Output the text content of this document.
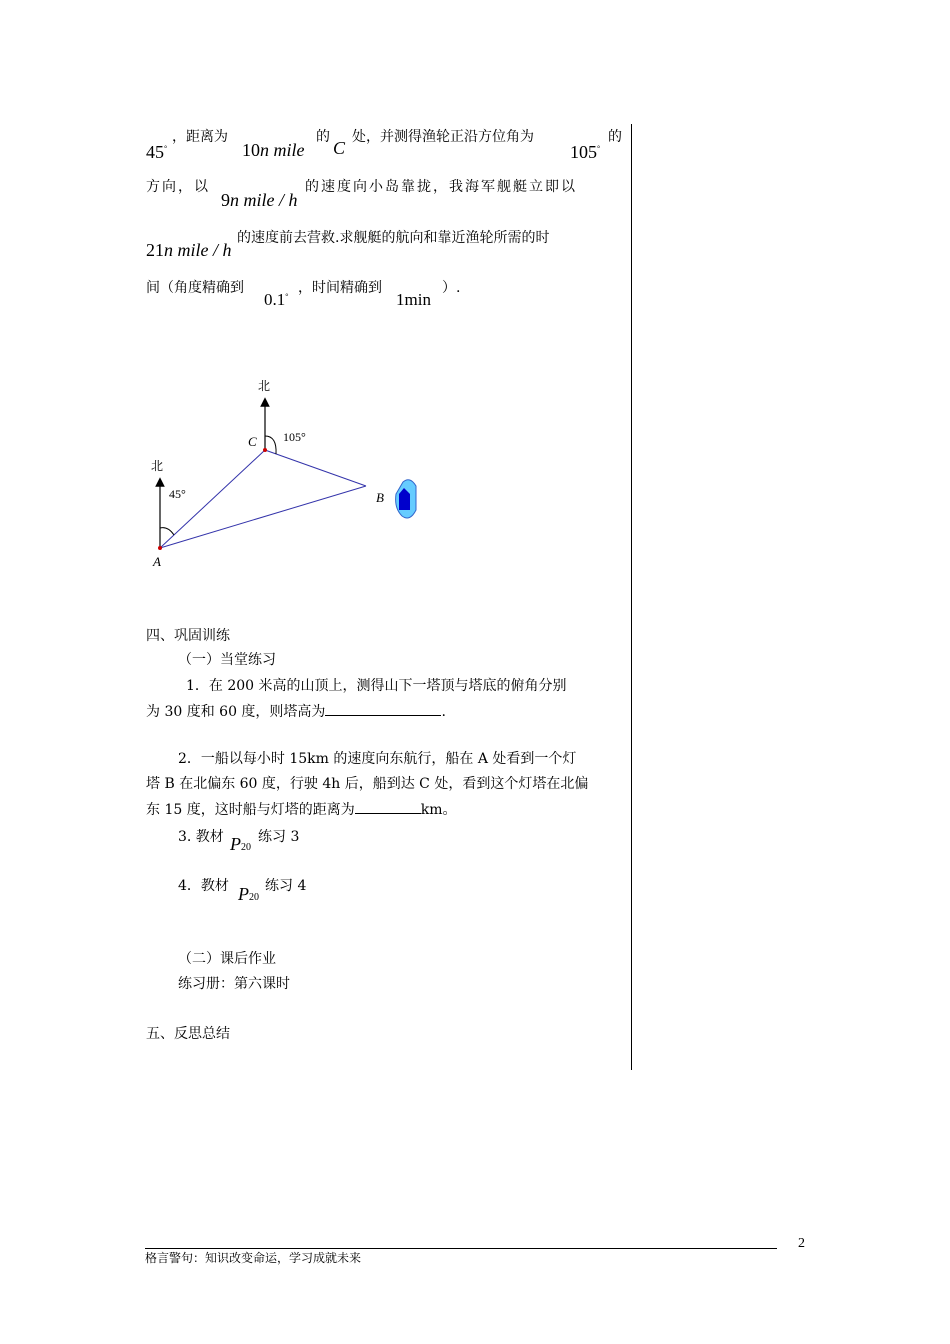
45°
，距离为
10n mile
的
C
处，并测得渔轮正沿方位角为
105°
的
方向，以
9n mile / h
的速度向小岛靠拢，我海军舰艇立即以
21n mile / h
的速度前去营救.求舰艇的航向和靠近渔轮所需的时
间（角度精确到
0.1°
，时间精确到
1min
）.
北
北
105°
45°
C
B
A
四、巩固训练
（一）当堂练习
1．在 200 米高的山顶上，测得山下一塔顶与塔底的俯角分别
为 30 度和 60 度，则塔高为	.
2．一船以每小时 15km 的速度向东航行，船在 A 处看到一个灯
塔 B 在北偏东 60 度，行驶 4h 后，船到达 C 处，看到这个灯塔在北偏
东 15 度，这时船与灯塔的距离为	km。
3. 教材 P20
练习 3
4．教材 P20
练习 4
（二）课后作业
练习册：第六课时
五、反思总结
2
格言警句：知识改变命运，学习成就未来
